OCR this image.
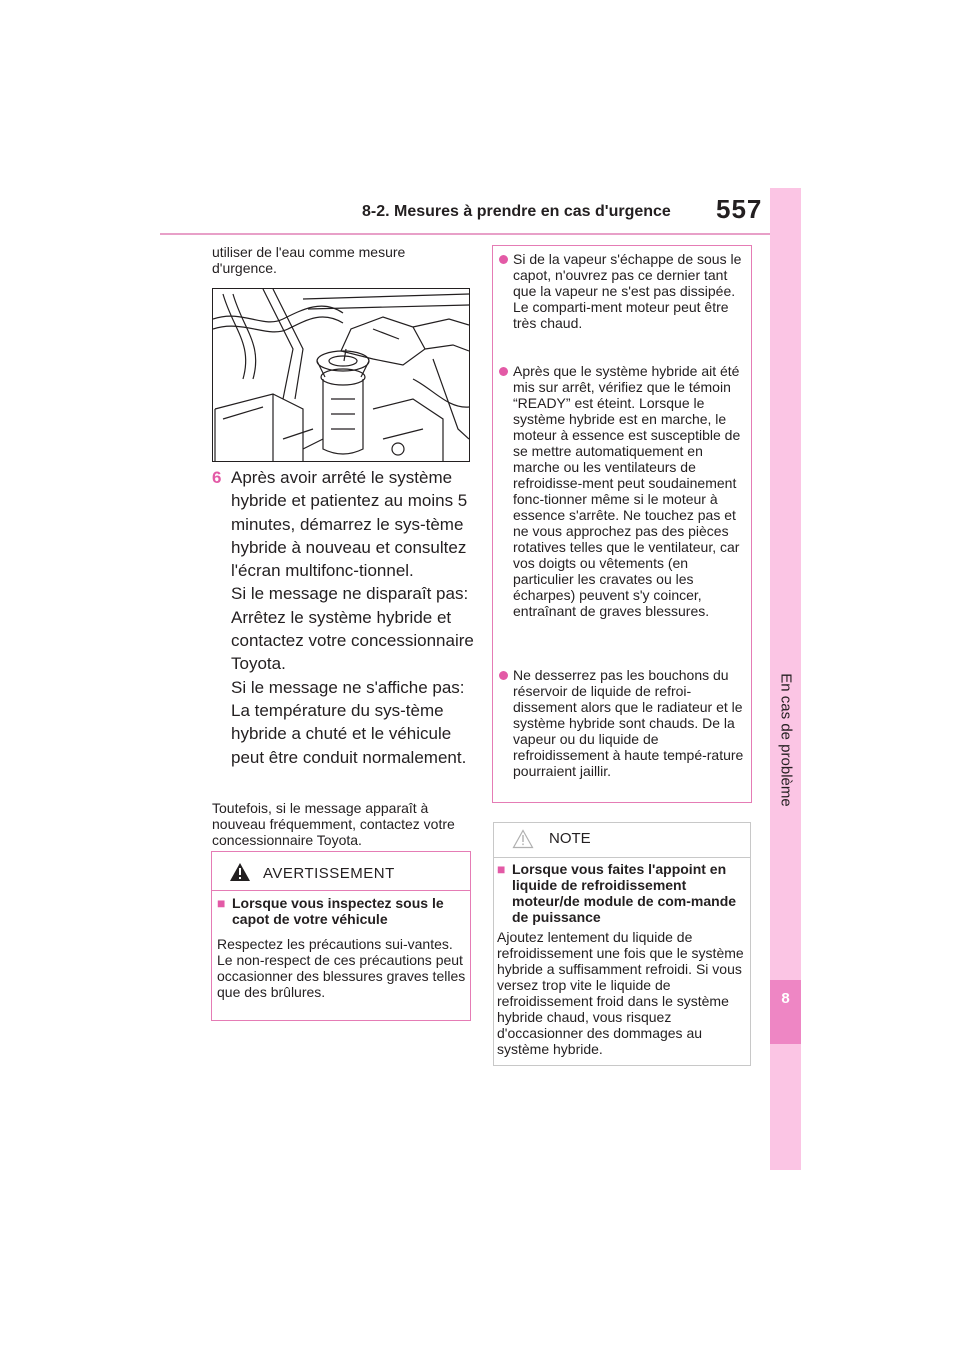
8-2. Mesures à prendre en cas d'urgence 557
8
En cas de problème
utiliser de l'eau comme mesure d'urgence.
6 Après avoir arrêté le système hybride et patientez au moins 5 minutes, démarrez le sys-tème hybride à nouveau et consultez l'écran multifonc-tionnel.
Si le message ne disparaît pas: Arrêtez le système hybride et contactez votre concessionnaire Toyota.
Si le message ne s'affiche pas: La température du sys-tème hybride a chuté et le véhicule peut être conduit normalement.
Toutefois, si le message apparaît à nouveau fréquemment, contactez votre concessionnaire Toyota.
AVERTISSEMENT
■ Lorsque vous inspectez sous le capot de votre véhicule
Respectez les précautions sui-vantes. Le non-respect de ces précautions peut occasionner des blessures graves telles que des brûlures.
Si de la vapeur s'échappe de sous le capot, n'ouvrez pas ce dernier tant que la vapeur ne s'est pas dissipée. Le comparti-ment moteur peut être très chaud.
Après que le système hybride ait été mis sur arrêt, vérifiez que le témoin “READY” est éteint. Lorsque le système hybride est en marche, le moteur à essence est susceptible de se mettre automatiquement en marche ou les ventilateurs de refroidisse-ment peut soudainement fonc-tionner même si le moteur à essence s'arrête. Ne touchez pas et ne vous approchez pas des pièces rotatives telles que le ventilateur, car vos doigts ou vêtements (en particulier les cravates ou les écharpes) peuvent s'y coincer, entraînant de graves blessures.
Ne desserrez pas les bouchons du réservoir de liquide de refroi-dissement alors que le radiateur et le système hybride sont chauds. De la vapeur ou du liquide de refroidissement à haute tempé-rature pourraient jaillir.
NOTE
■ Lorsque vous faites l'appoint en liquide de refroidissement moteur/de module de com-mande de puissance
Ajoutez lentement du liquide de refroidissement une fois que le système hybride a suffisamment refroidi. Si vous versez trop vite le liquide de refroidissement froid dans le système hybride chaud, vous risquez d'occasionner des dommages au système hybride.
